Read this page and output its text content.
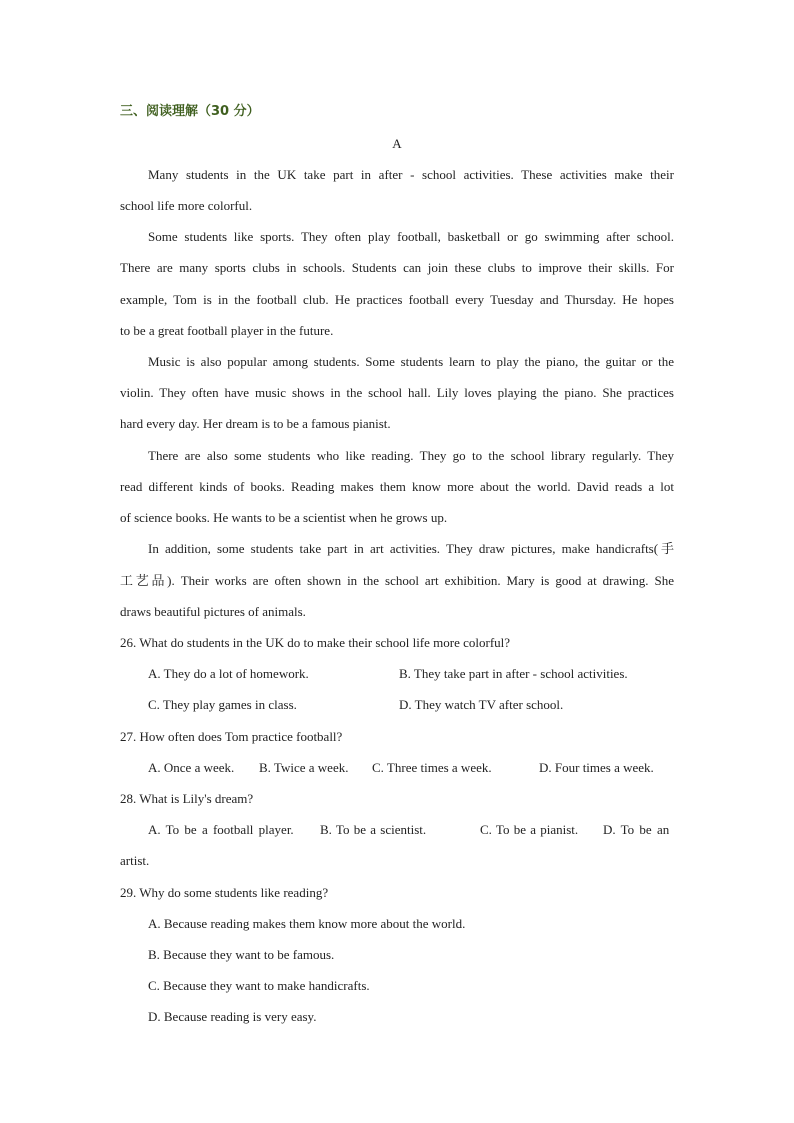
三、阅读理解（30 分）
A
Many students in the UK take part in after - school activities. These activities make their
school life more colorful.
Some students like sports. They often play football, basketball or go swimming after school.
There are many sports clubs in schools. Students can join these clubs to improve their skills. For
example, Tom is in the football club. He practices football every Tuesday and Thursday. He hopes
to be a great football player in the future.
Music is also popular among students. Some students learn to play the piano, the guitar or the
violin. They often have music shows in the school hall. Lily loves playing the piano. She practices
hard every day. Her dream is to be a famous pianist.
There are also some students who like reading. They go to the school library regularly. They
read different kinds of books. Reading makes them know more about the world. David reads a lot
of science books. He wants to be a scientist when he grows up.
In addition, some students take part in art activities. They draw pictures, make handicrafts(手
工艺品). Their works are often shown in the school art exhibition. Mary is good at drawing. She
draws beautiful pictures of animals.
26. What do students in the UK do to make their school life more colorful?
A. They do a lot of homework.	B. They take part in after - school activities.
C. They play games in class.	D. They watch TV after school.
27. How often does Tom practice football?
A. Once a week. B. Twice a week. C. Three times a week.	D. Four times a week.
28. What is Lily's dream?
A. To be a football player. B. To be a scientist.	C. To be a pianist. D. To be an
artist.
29. Why do some students like reading?
A. Because reading makes them know more about the world.
B. Because they want to be famous.
C. Because they want to make handicrafts.
D. Because reading is very easy.
